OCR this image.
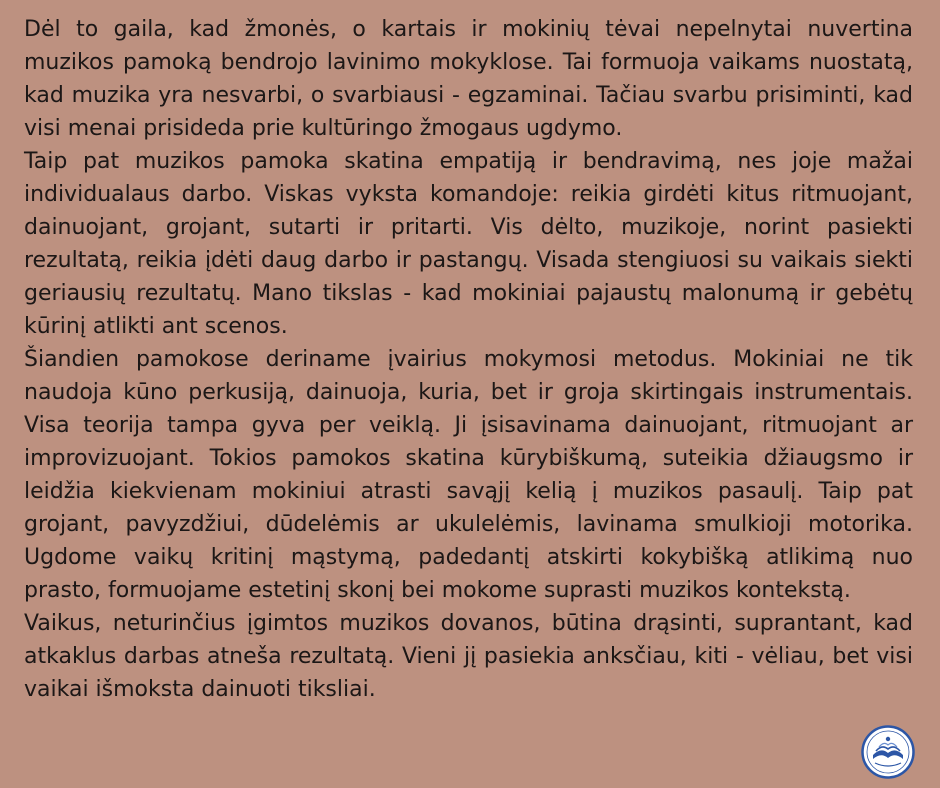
Dėl to gaila, kad žmonės, o kartais ir mokinių tėvai nepelnytai nuvertina muzikos pamoką bendrojo lavinimo mokyklose. Tai formuoja vaikams nuostatą, kad muzika yra nesvarbi, o svarbiausi - egzaminai. Tačiau svarbu prisiminti, kad visi menai prisideda prie kultūringo žmogaus ugdymo.

Taip pat muzikos pamoka skatina empatiją ir bendravimą, nes joje mažai individualaus darbo. Viskas vyksta komandoje: reikia girdėti kitus ritmuojant, dainuojant, grojant, sutarti ir pritarti. Vis dėlto, muzikoje, norint pasiekti rezultatą, reikia įdėti daug darbo ir pastangų. Visada stengiuosi su vaikais siekti geriausių rezultatų. Mano tikslas - kad mokiniai pajaustų malonumą ir gebėtų kūrinį atlikti ant scenos.

Šiandien pamokose deriname įvairius mokymosi metodus. Mokiniai ne tik naudoja kūno perkusiją, dainuoja, kuria, bet ir groja skirtingais instrumentais. Visa teorija tampa gyva per veiklą. Ji įsisavinama dainuojant, ritmuojant ar improvizuojant. Tokios pamokos skatina kūrybiškumą, suteikia džiaugsmo ir leidžia kiekvienam mokiniui atrasti savąjį kelią į muzikos pasaulį. Taip pat grojant, pavyzdžiui, dūdelėmis ar ukulelėmis, lavinama smulkioji motorika. Ugdome vaikų kritinį mąstymą, padedantį atskirti kokybišką atlikimą nuo prasto, formuojame estetinį skonį bei mokome suprasti muzikos kontekstą.

Vaikus, neturinčius įgimtos muzikos dovanos, būtina drąsinti, suprantant, kad atkaklus darbas atneša rezultatą. Vieni jį pasiekia anksčiau, kiti - vėliau, bet visi vaikai išmoksta dainuoti tiksliai.
